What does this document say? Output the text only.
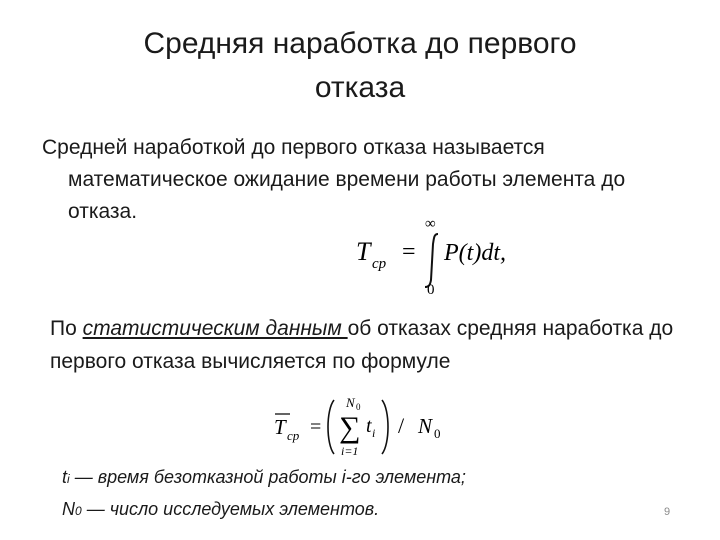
Средняя наработка до первого
отказа
Средней наработкой до первого отказа называется
математическое ожидание времени работы элемента до отказа.
T cp =
∞
0
P(t)dt,
По статистическим данным об отказах средняя наработка до первого отказа вычисляется по формуле
T cp =
N 0
∑
i=1
t i / N 0
ti — время безотказной работы i-го элемента;
N0 — число исследуемых элементов.	9
